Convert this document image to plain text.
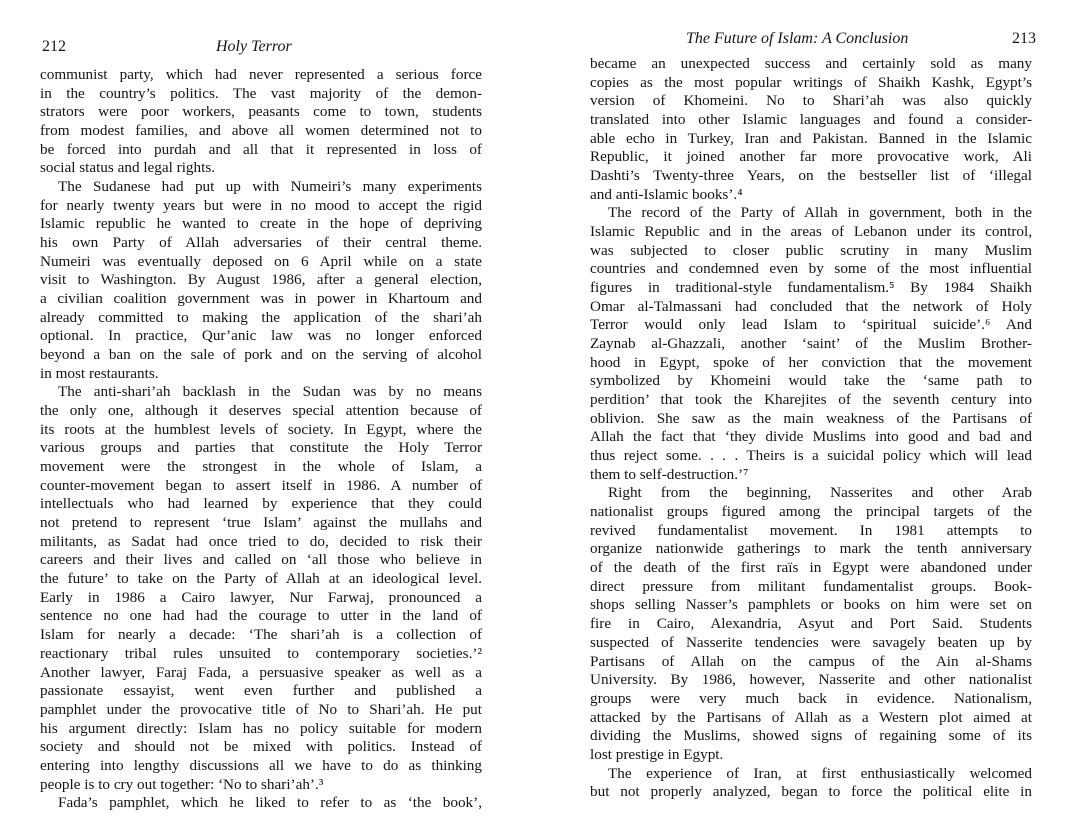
212	Holy Terror
communist party, which had never represented a serious force
in the country’s politics. The vast majority of the demon-
strators were poor workers, peasants come to town, students
from modest families, and above all women determined not to
be forced into purdah and all that it represented in loss of
social status and legal rights.
The Sudanese had put up with Numeiri’s many experiments
for nearly twenty years but were in no mood to accept the rigid
Islamic republic he wanted to create in the hope of depriving
his own Party of Allah adversaries of their central theme.
Numeiri was eventually deposed on 6 April while on a state
visit to Washington. By August 1986, after a general election,
a civilian coalition government was in power in Khartoum and
already committed to making the application of the shari’ah
optional. In practice, Qur’anic law was no longer enforced
beyond a ban on the sale of pork and on the serving of alcohol
in most restaurants.
The anti-shari’ah backlash in the Sudan was by no means
the only one, although it deserves special attention because of
its roots at the humblest levels of society. In Egypt, where the
various groups and parties that constitute the Holy Terror
movement were the strongest in the whole of Islam, a
counter-movement began to assert itself in 1986. A number of
intellectuals who had learned by experience that they could
not pretend to represent ‘true Islam’ against the mullahs and
militants, as Sadat had once tried to do, decided to risk their
careers and their lives and called on ‘all those who believe in
the future’ to take on the Party of Allah at an ideological level.
Early in 1986 a Cairo lawyer, Nur Farwaj, pronounced a
sentence no one had had the courage to utter in the land of
Islam for nearly a decade: ‘The shari’ah is a collection of
reactionary tribal rules unsuited to contemporary societies.’²
Another lawyer, Faraj Fada, a persuasive speaker as well as a
passionate essayist, went even further and published a
pamphlet under the provocative title of No to Shari’ah. He put
his argument directly: Islam has no policy suitable for modern
society and should not be mixed with politics. Instead of
entering into lengthy discussions all we have to do as thinking
people is to cry out together: ‘No to shari’ah’.³
Fada’s pamphlet, which he liked to refer to as ‘the book’,
The Future of Islam: A Conclusion	213
became an unexpected success and certainly sold as many
copies as the most popular writings of Shaikh Kashk, Egypt’s
version of Khomeini. No to Shari’ah was also quickly
translated into other Islamic languages and found a consider-
able echo in Turkey, Iran and Pakistan. Banned in the Islamic
Republic, it joined another far more provocative work, Ali
Dashti’s Twenty-three Years, on the bestseller list of ‘illegal
and anti-Islamic books’.⁴
The record of the Party of Allah in government, both in the
Islamic Republic and in the areas of Lebanon under its control,
was subjected to closer public scrutiny in many Muslim
countries and condemned even by some of the most influential
figures in traditional-style fundamentalism.⁵ By 1984 Shaikh
Omar al-Talmassani had concluded that the network of Holy
Terror would only lead Islam to ‘spiritual suicide’.⁶ And
Zaynab al-Ghazzali, another ‘saint’ of the Muslim Brother-
hood in Egypt, spoke of her conviction that the movement
symbolized by Khomeini would take the ‘same path to
perdition’ that took the Kharejites of the seventh century into
oblivion. She saw as the main weakness of the Partisans of
Allah the fact that ‘they divide Muslims into good and bad and
thus reject some. . . . Theirs is a suicidal policy which will lead
them to self-destruction.’⁷
Right from the beginning, Nasserites and other Arab
nationalist groups figured among the principal targets of the
revived fundamentalist movement. In 1981 attempts to
organize nationwide gatherings to mark the tenth anniversary
of the death of the first raïs in Egypt were abandoned under
direct pressure from militant fundamentalist groups. Book-
shops selling Nasser’s pamphlets or books on him were set on
fire in Cairo, Alexandria, Asyut and Port Said. Students
suspected of Nasserite tendencies were savagely beaten up by
Partisans of Allah on the campus of the Ain al-Shams
University. By 1986, however, Nasserite and other nationalist
groups were very much back in evidence. Nationalism,
attacked by the Partisans of Allah as a Western plot aimed at
dividing the Muslims, showed signs of regaining some of its
lost prestige in Egypt.
The experience of Iran, at first enthusiastically welcomed
but not properly analyzed, began to force the political elite in
